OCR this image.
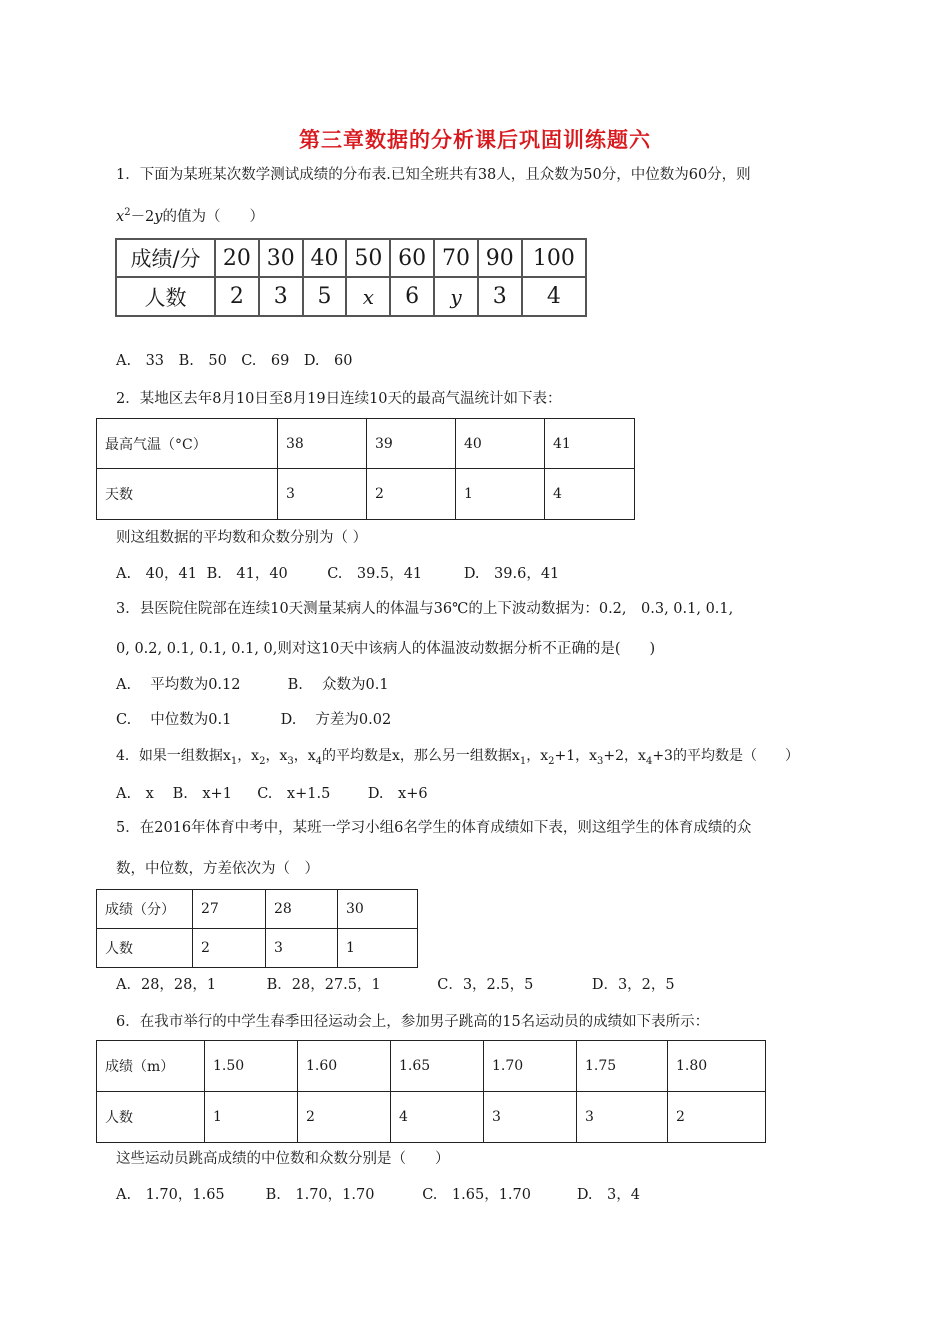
第三章数据的分析课后巩固训练题六
1．下面为某班某次数学测试成绩的分布表.已知全班共有38人，且众数为50分，中位数为60分，则
$x^2-2y$的值为（　　）
成绩/分	20	30	40	50	60	70	90	100
人数	2	3	5	x	6	y	3	4
A.　33 B.　50 C.　69 D.　60
2．某地区去年8月10日至8月19日连续10天的最高气温统计如下表：
最高气温（°C）	38	39	40	41
天数	3	2	1	4
则这组数据的平均数和众数分别为（ ）
A.　40，41 B.　41，40	C.　39.5，41	D.　39.6，41
3．县医院住院部在连续10天测量某病人的体温与36℃的上下波动数据为：0.2,　0.3, 0.1, 0.1,
0, 0.2, 0.1, 0.1, 0.1, 0,则对这10天中该病人的体温波动数据分析不正确的是(　　)
A.　 平均数为0.12	B.　 众数为0.1
C.　 中位数为0.1	D.　 方差为0.02
4．如果一组数据$x_1$，$x_2$，$x_3$，$x_4$的平均数是x，那么另一组数据$x_1$，$x_2+1$，$x_3+2$，$x_4+3$的平均数是（　　）
A.　x B.　x+1 C.　x+1.5	D.　x+6
5．在2016年体育中考中，某班一学习小组6名学生的体育成绩如下表，则这组学生的体育成绩的众
数，中位数，方差依次为（　）
成绩（分）	27	28	30
人数	2	3	1
A．28，28，1	B．28，27.5，1	C．3，2.5，5	D．3，2，5
6．在我市举行的中学生春季田径运动会上，参加男子跳高的15名运动员的成绩如下表所示：
成绩（m）	1.50	1.60	1.65	1.70	1.75	1.80
人数	1	2	4	3	3	2
这些运动员跳高成绩的中位数和众数分别是（　　）
A.　1.70，1.65	B.　1.70，1.70	C.　1.65，1.70	D.　3，4
